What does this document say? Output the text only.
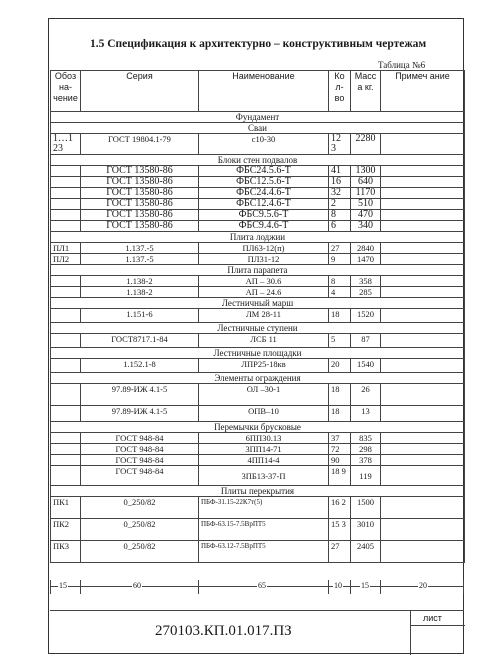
1.5 Спецификация к архитектурно – конструктивным чертежам
Таблица №6
Обоз на- чение	Серия	Наименование	Ко л- во	Масс а кг.	Примеч ание
Фундамент					
Сваи					
1…1 23	ГОСТ 19804.1-79	с10-30	12 3	2280	
Блоки стен подвалов					
	ГОСТ 13580-86	ФБС24.5.6-Т	41	1300	
	ГОСТ 13580-86	ФБС12.5.6-Т	16	640	
	ГОСТ 13580-86	ФБС24.4.6-Т	32	1170	
	ГОСТ 13580-86	ФБС12.4.6-Т	2	510	
	ГОСТ 13580-86	ФБС9.5.6-Т	8	470	
	ГОСТ 13580-86	ФБС9.4.6-Т	6	340	
Плита лоджии					
ПЛ1	1.137.-5	ПЛ63-12(п)	27	2840	
ПЛ2	1.137.-5	ПЛ31-12	9	1470	
Плита парапета					
	1.138-2	АП – 30.6	8	358	
	1.138-2	АП – 24.6	4	285	
Лестничный марш					
	1.151-6	ЛМ 28-11	18	1520	
Лестничные ступени					
	ГОСТ8717.1-84	ЛСБ 11	5	87	
Лестничные площадки					
	1.152.1-8	ЛПР25-18кв	20	1540	
Элементы ограждения					
	97.89-ИЖ 4.1-5	ОЛ –30-1	18	26	
	97.89-ИЖ 4.1-5	ОПВ–10	18	13	
Перемычки брусковые					
	ГОСТ 948-84	6ПП30.13	37	835	
	ГОСТ 948-84	3ПП14-71	72	298	
	ГОСТ 948-84	4ПП14-4	90	378	
	ГОСТ 948-84	3ПБ13-37-П	18 9	119	
Плиты перекрытия					
ПК1	0_250/82	ПБФ-31.15-22К7т(5)	16 2	1500	
ПК2	0_250/82	ПБФ-63.15-7.5ВрПТ5	15 3	3010	
ПК3	0_250/82	ПБФ-63.12-7.5ВрПТ5	27	2405	
15	60	65	10 15	20
270103.КП.01.017.ПЗ
лист
